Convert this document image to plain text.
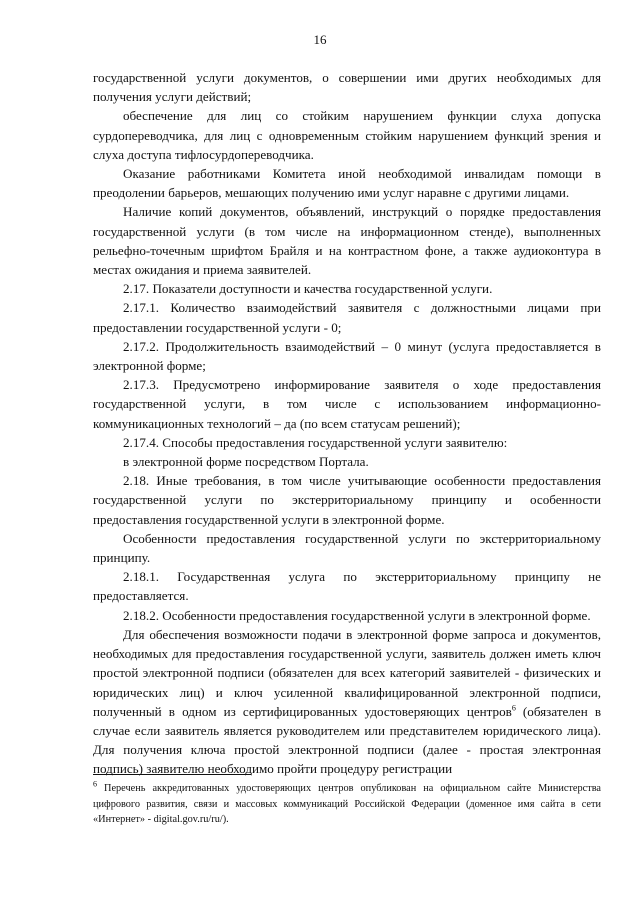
16

государственной услуги документов, о совершении ими других необходимых для получения услуги действий;

обеспечение для лиц со стойким нарушением функции слуха допуска сурдопереводчика, для лиц с одновременным стойким нарушением функций зрения и слуха доступа тифлосурдопереводчика.

Оказание работниками Комитета иной необходимой инвалидам помощи в преодолении барьеров, мешающих получению ими услуг наравне с другими лицами.

Наличие копий документов, объявлений, инструкций о порядке предоставления государственной услуги (в том числе на информационном стенде), выполненных рельефно-точечным шрифтом Брайля и на контрастном фоне, а также аудиоконтура в местах ожидания и приема заявителей.

2.17. Показатели доступности и качества государственной услуги.

2.17.1. Количество взаимодействий заявителя с должностными лицами при предоставлении государственной услуги - 0;

2.17.2. Продолжительность взаимодействий – 0 минут (услуга предоставляется в электронной форме;

2.17.3. Предусмотрено информирование заявителя о ходе предоставления государственной услуги, в том числе с использованием информационно-коммуникационных технологий – да (по всем статусам решений);

2.17.4. Способы предоставления государственной услуги заявителю:

в электронной форме посредством Портала.

2.18. Иные требования, в том числе учитывающие особенности предоставления государственной услуги по экстерриториальному принципу и особенности предоставления государственной услуги в электронной форме.

Особенности предоставления государственной услуги по экстерриториальному принципу.

2.18.1. Государственная услуга по экстерриториальному принципу не предоставляется.

2.18.2. Особенности предоставления государственной услуги в электронной форме.

Для обеспечения возможности подачи в электронной форме запроса и документов, необходимых для предоставления государственной услуги, заявитель должен иметь ключ простой электронной подписи (обязателен для всех категорий заявителей - физических и юридических лиц) и ключ усиленной квалифицированной электронной подписи, полученный в одном из сертифицированных удостоверяющих центров$^6$ (обязателен в случае если заявитель является руководителем или представителем юридического лица). Для получения ключа простой электронной подписи (далее - простая электронная подпись) заявителю необходимо пройти процедуру регистрации

$^6$ Перечень аккредитованных удостоверяющих центров опубликован на официальном сайте Министерства цифрового развития, связи и массовых коммуникаций Российской Федерации (доменное имя сайта в сети «Интернет» - digital.gov.ru/ru/).
